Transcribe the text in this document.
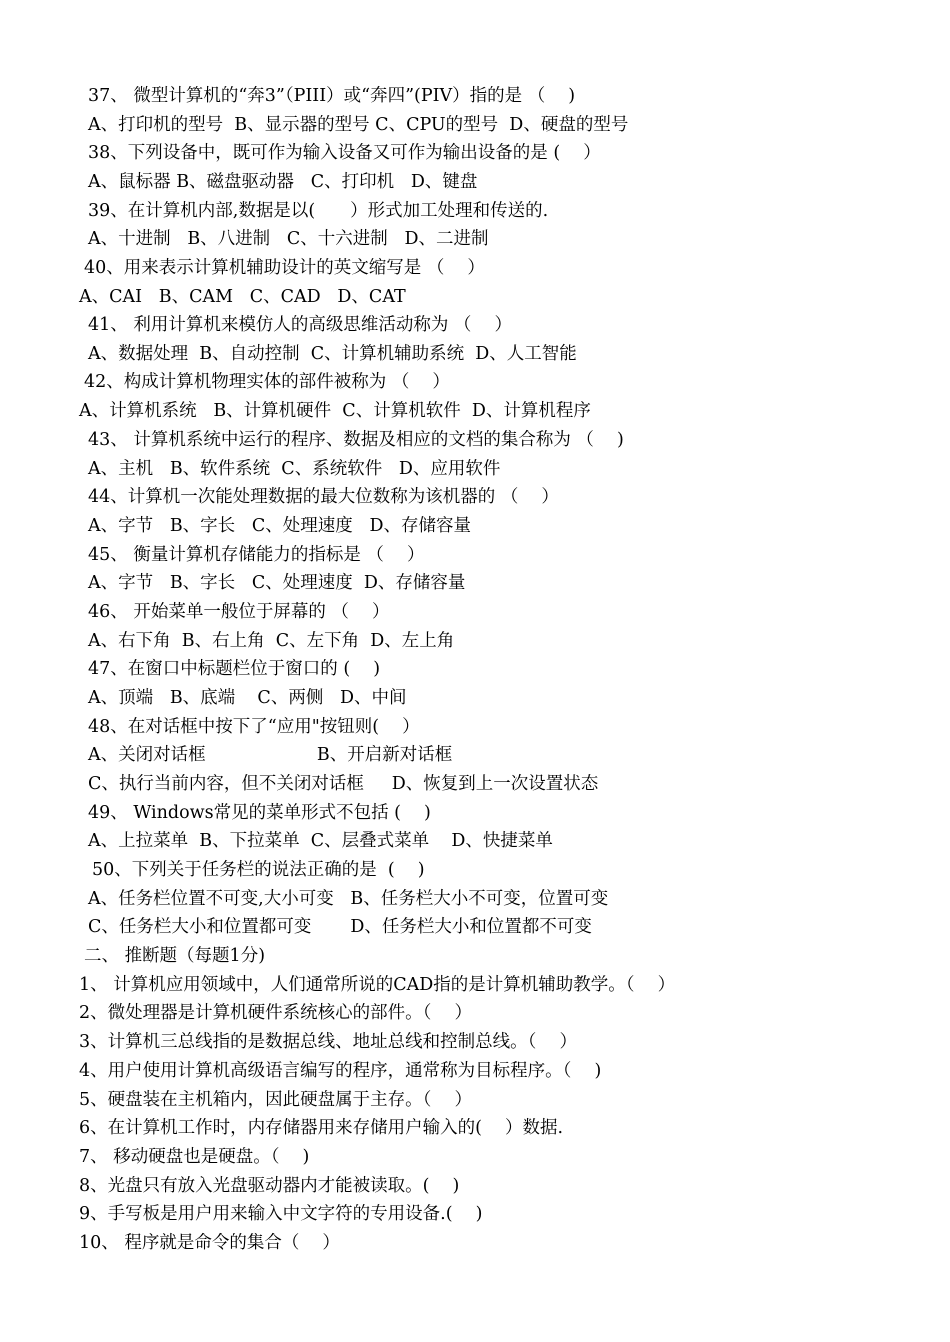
37、 微型计算机的“奔3”（PIII）或“奔四”(PIV）指的是 （　 )
A、打印机的型号  B、显示器的型号 C、CPU的型号  D、硬盘的型号
38、下列设备中，既可作为输入设备又可作为输出设备的是 (　 ）
A、鼠标器 B、磁盘驱动器   C、打印机   D、键盘
39、在计算机内部,数据是以(　　）形式加工处理和传送的.
A、十进制   B、八进制   C、十六进制   D、二进制
40、用来表示计算机辅助设计的英文缩写是 （　 ）
A、CAI   B、CAM   C、CAD   D、CAT
41、 利用计算机来模仿人的高级思维活动称为 （　 ）
A、数据处理  B、自动控制  C、计算机辅助系统  D、人工智能
42、构成计算机物理实体的部件被称为 （　 ）
A、计算机系统   B、计算机硬件  C、计算机软件  D、计算机程序
43、 计算机系统中运行的程序、数据及相应的文档的集合称为 （　 )
A、主机   B、软件系统  C、系统软件   D、应用软件
44、计算机一次能处理数据的最大位数称为该机器的 （　 ）
A、字节   B、字长   C、处理速度   D、存储容量
45、 衡量计算机存储能力的指标是 （　 ）
A、字节   B、字长   C、处理速度  D、存储容量
46、 开始菜单一般位于屏幕的 （　 ）
A、右下角  B、右上角  C、左下角  D、左上角
47、在窗口中标题栏位于窗口的 (　 )
A、顶端   B、底端    C、两侧   D、中间
48、在对话框中按下了“应用"按钮则(　 ）
A、关闭对话框                    B、开启新对话框
C、执行当前内容，但不关闭对话框     D、恢复到上一次设置状态
49、 Windows常见的菜单形式不包括 (　 )
A、上拉菜单  B、下拉菜单  C、层叠式菜单    D、快捷菜单
50、下列关于任务栏的说法正确的是  (　 )
A、任务栏位置不可变,大小可变   B、任务栏大小不可变，位置可变
C、任务栏大小和位置都可变       D、任务栏大小和位置都不可变
二、 推断题（每题1分)
1、 计算机应用领域中，人们通常所说的CAD指的是计算机辅助教学。（　 ）
2、微处理器是计算机硬件系统核心的部件。（　 ）
3、计算机三总线指的是数据总线、地址总线和控制总线。（　 ）
4、用户使用计算机高级语言编写的程序，通常称为目标程序。（　 )
5、硬盘装在主机箱内，因此硬盘属于主存。（　 ）
6、在计算机工作时，内存储器用来存储用户输入的(　 ）数据.
7、 移动硬盘也是硬盘。（　 )
8、光盘只有放入光盘驱动器内才能被读取。(　 )
9、手写板是用户用来输入中文字符的专用设备.(　 )
10、 程序就是命令的集合（　 ）
